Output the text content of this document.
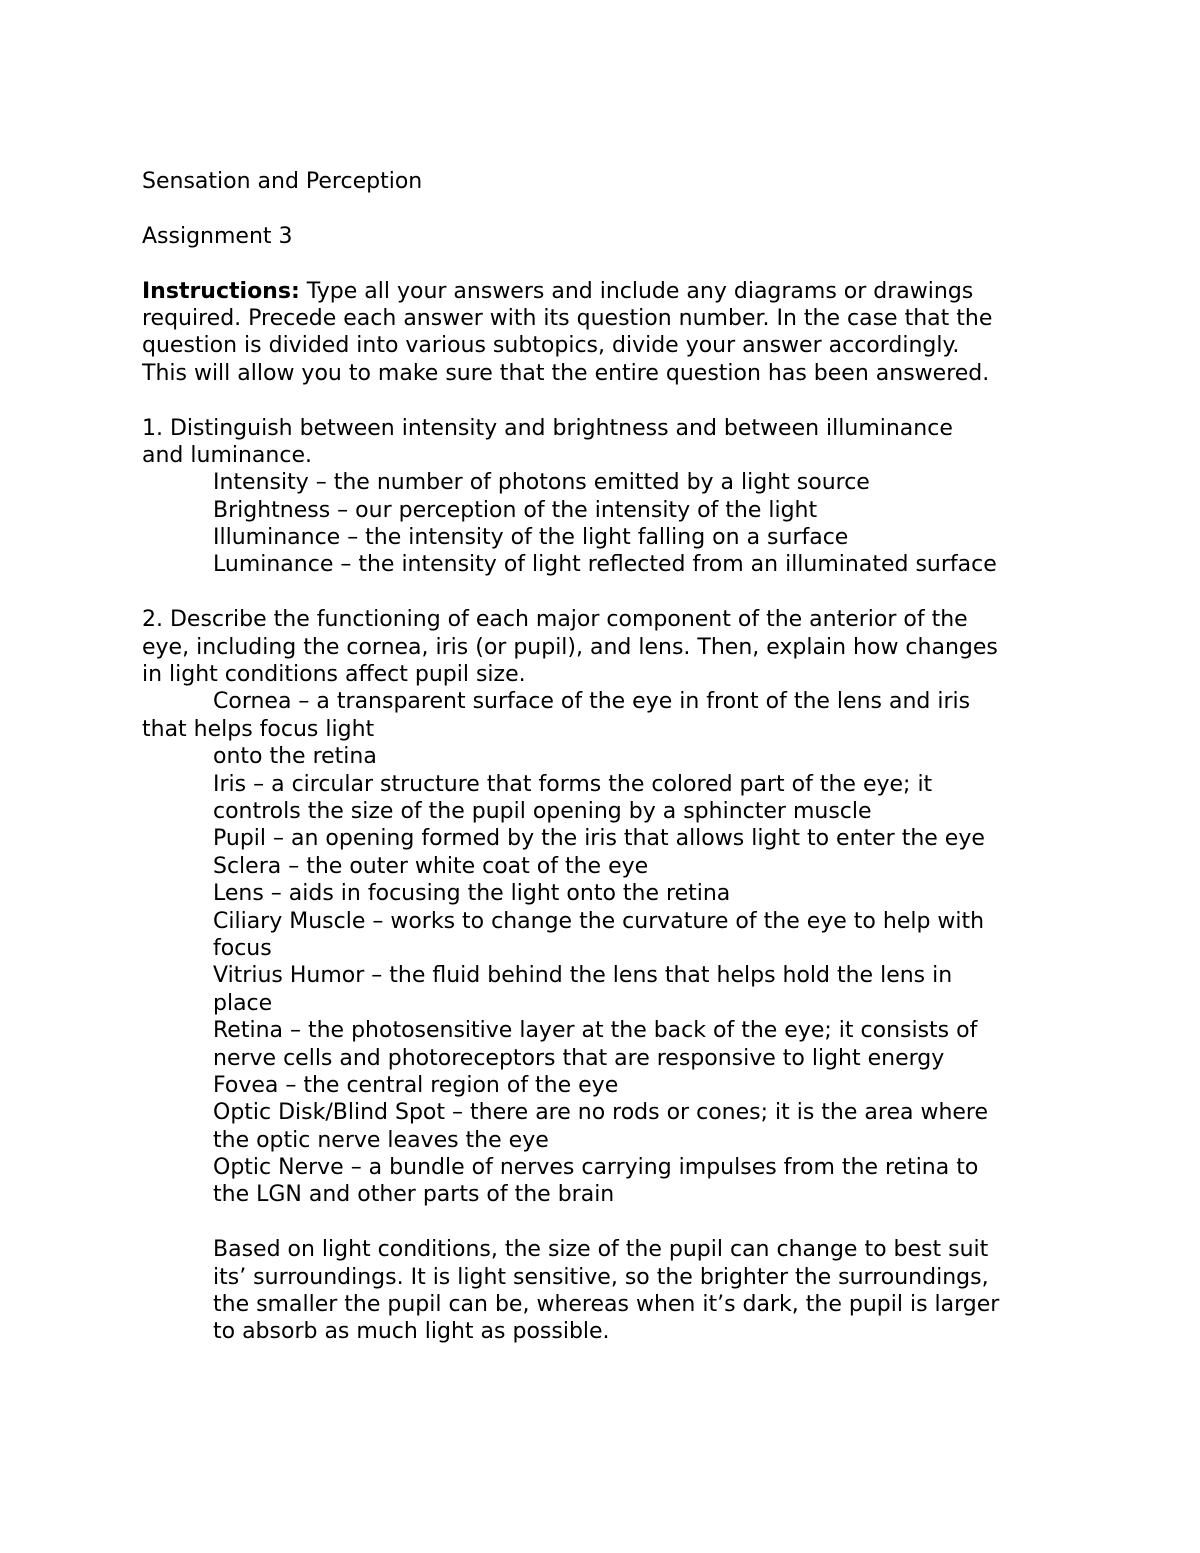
Sensation and Perception
Assignment 3
Instructions: Type all your answers and include any diagrams or drawings
required. Precede each answer with its question number. In the case that the
question is divided into various subtopics, divide your answer accordingly.
This will allow you to make sure that the entire question has been answered.
1. Distinguish between intensity and brightness and between illuminance
and luminance.
Intensity – the number of photons emitted by a light source
Brightness – our perception of the intensity of the light
Illuminance – the intensity of the light falling on a surface
Luminance – the intensity of light reflected from an illuminated surface
2. Describe the functioning of each major component of the anterior of the
eye, including the cornea, iris (or pupil), and lens. Then, explain how changes
in light conditions affect pupil size.
Cornea – a transparent surface of the eye in front of the lens and iris
that helps focus light
onto the retina
Iris – a circular structure that forms the colored part of the eye; it
controls the size of the pupil opening by a sphincter muscle
Pupil – an opening formed by the iris that allows light to enter the eye
Sclera – the outer white coat of the eye
Lens – aids in focusing the light onto the retina
Ciliary Muscle – works to change the curvature of the eye to help with
focus
Vitrius Humor – the fluid behind the lens that helps hold the lens in
place
Retina – the photosensitive layer at the back of the eye; it consists of
nerve cells and photoreceptors that are responsive to light energy
Fovea – the central region of the eye
Optic Disk/Blind Spot – there are no rods or cones; it is the area where
the optic nerve leaves the eye
Optic Nerve – a bundle of nerves carrying impulses from the retina to
the LGN and other parts of the brain
Based on light conditions, the size of the pupil can change to best suit
its’ surroundings. It is light sensitive, so the brighter the surroundings,
the smaller the pupil can be, whereas when it’s dark, the pupil is larger
to absorb as much light as possible.
